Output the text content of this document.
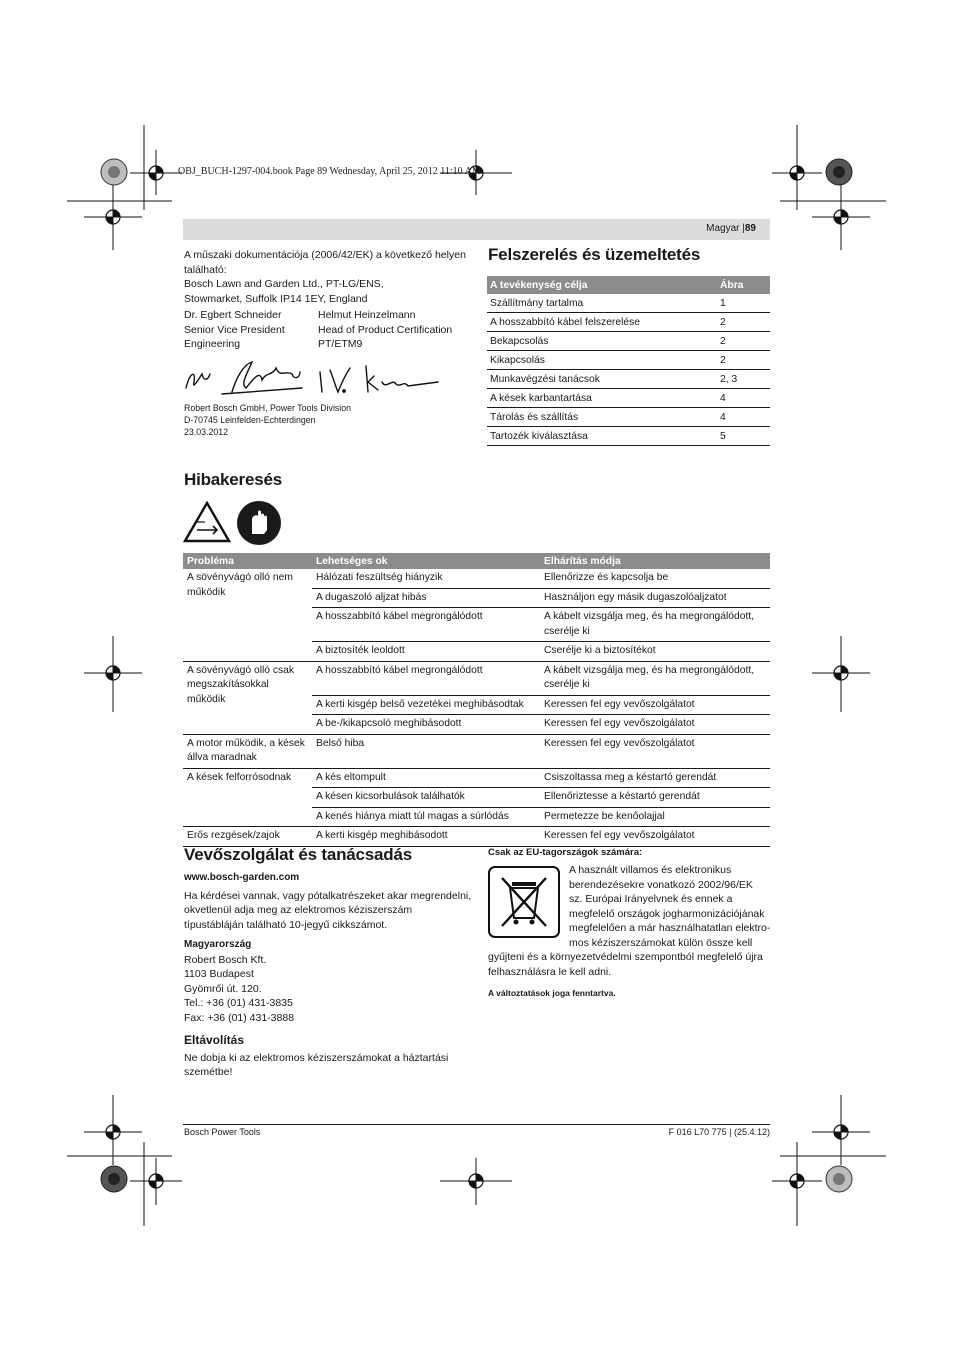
OBJ_BUCH-1297-004.book Page 89 Wednesday, April 25, 2012 11:10 AM
Magyar |89
A műszaki dokumentációja (2006/42/EK) a következő helyen
található:
Bosch Lawn and Garden Ltd., PT-LG/ENS,
Stowmarket, Suffolk IP14 1EY, England
Dr. Egbert Schneider
Senior Vice President
Engineering
Helmut Heinzelmann
Head of Product Certification
PT/ETM9
Robert Bosch GmbH, Power Tools Division
D-70745 Leinfelden-Echterdingen
23.03.2012
Felszerelés és üzemeltetés
A tevékenység célja	Ábra
Szállítmány tartalma	1
A hosszabbító kábel felszerelése	2
Bekapcsolás	2
Kikapcsolás	2
Munkavégzési tanácsok	2, 3
A kések karbantartása	4
Tárolás és szállítás	4
Tartozék kiválasztása	5
Hibakeresés
Probléma	Lehetséges ok	Elhárítás módja
A sövényvágó olló nem működik	Hálózati feszültség hiányzik	Ellenőrizze és kapcsolja be
	A dugaszoló aljzat hibás	Használjon egy másik dugaszolóaljzatot
	A hosszabbító kábel megrongálódott	A kábelt vizsgálja meg, és ha megrongálódott, cserélje ki
	A biztosíték leoldott	Cserélje ki a biztosítékot
A sövényvágó olló csak megszakításokkal működik	A hosszabbító kábel megrongálódott	A kábelt vizsgálja meg, és ha megrongálódott, cserélje ki
	A kerti kisgép belső vezetékei meghibásodtak	Keressen fel egy vevőszolgálatot
	A be-/kikapcsoló meghibásodott	Keressen fel egy vevőszolgálatot
A motor működik, a kések állva maradnak	Belső hiba	Keressen fel egy vevőszolgálatot
A kések felforrósodnak	A kés eltompult	Csiszoltassa meg a késtartó gerendát
	A késen kicsorbulások találhatók	Ellenőriztesse a késtartó gerendát
	A kenés hiánya miatt túl magas a súrlódás	Permetezze be kenőolajjal
Erős rezgések/zajok	A kerti kisgép meghibásodott	Keressen fel egy vevőszolgálatot
Vevőszolgálat és tanácsadás
www.bosch-garden.com
Ha kérdései vannak, vagy pótalkatrészeket akar megrendelni,
okvetlenül adja meg az elektromos kéziszerszám
típustábláján található 10-jegyű cikkszámot.
Magyarország
Robert Bosch Kft.
1103 Budapest
Gyömrői út. 120.
Tel.: +36 (01) 431-3835
Fax: +36 (01) 431-3888
Eltávolítás
Ne dobja ki az elektromos kéziszerszámokat a háztartási
szemétbe!
Csak az EU-tagországok számára:
A használt villamos és elektronikus
berendezésekre vonatkozó 2002/96/EK
sz. Európai Irányelvnek és ennek a
megfelelő országok jogharmonizációjának
megfelelően a már használhatatlan elektro-
mos kéziszerszámokat külön össze kell
gyűjteni és a környezetvédelmi szempontból megfelelő újra
felhasználásra le kell adni.
A változtatások joga fenntartva.
Bosch Power Tools	F 016 L70 775 | (25.4.12)
